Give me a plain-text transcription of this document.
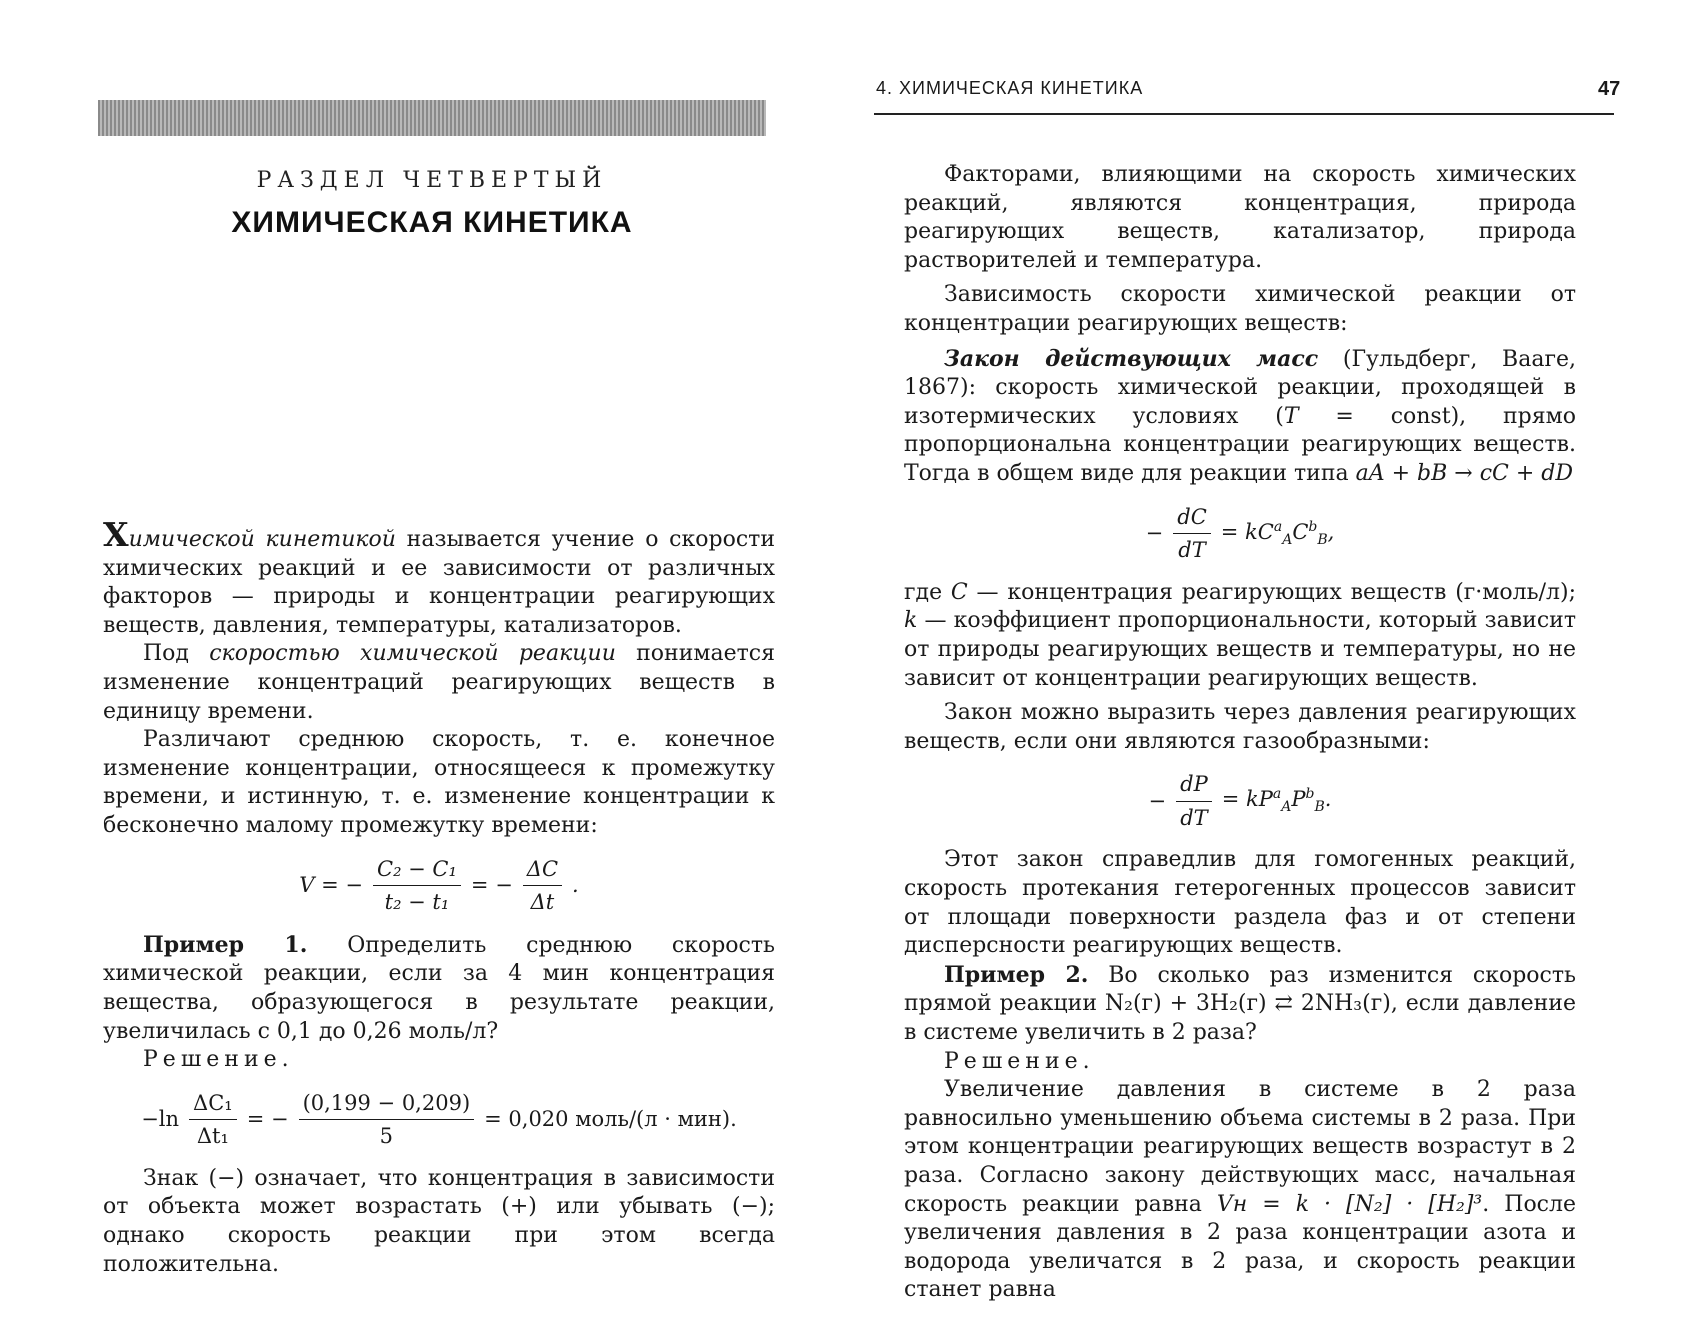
РАЗДЕЛ ЧЕТВЕРТЫЙ
ХИМИЧЕСКАЯ КИНЕТИКА

Химической кинетикой называется учение о скорости химических реакций и ее зависимости от различных факторов — природы и концентрации реагирующих веществ, давления, температуры, катализаторов.

Под скоростью химической реакции понимается изменение концентраций реагирующих веществ в единицу времени.

Различают среднюю скорость, т. е. конечное изменение концентрации, относящееся к промежутку времени, и истинную, т. е. изменение концентрации к бесконечно малому промежутку времени:

V = − $\frac{\text{C₂ − C₁}}{\text{t₂ − t₁}}$ = − $\frac{\Delta C}{\Delta t}$ .

Пример 1. Определить среднюю скорость химической реакции, если за 4 мин концентрация вещества, образующегося в результате реакции, увеличилась с 0,1 до 0,26 моль/л?

Решение.

$-\ln \frac{\text{ΔC₁}}{\text{Δt₁}}$ = − $\frac{(0,199 - 0,209)}{5} = 0,020$ моль/(л · мин).

Знак (−) означает, что концентрация в зависимости от объекта может возрастать (+) или убывать (−); однако скорость реакции при этом всегда положительна.

4. ХИМИЧЕСКАЯ КИНЕТИКА	47

Факторами, влияющими на скорость химических реакций, являются концентрация, природа реагирующих веществ, катализатор, природа растворителей и температура.

Зависимость скорости химической реакции от концентрации реагирующих веществ:

Закон действующих масс (Гульдберг, Вааге, 1867): скорость химической реакции, проходящей в изотермических условиях (T = const), прямо пропорциональна концентрации реагирующих веществ. Тогда в общем виде для реакции типа aA + bB → cC + dD

− $\frac{dC}{dT} = kC^a_AC^b_B$,

где C — концентрация реагирующих веществ (г·моль/л); k — коэффициент пропорциональности, который зависит от природы реагирующих веществ и температуры, но не зависит от концентрации реагирующих веществ.

Закон можно выразить через давления реагирующих веществ, если они являются газообразными:

− $\frac{dP}{dT} = kP^a_AP^b_B$.

Этот закон справедлив для гомогенных реакций, скорость протекания гетерогенных процессов зависит от площади поверхности раздела фаз и от степени дисперсности реагирующих веществ.

Пример 2. Во сколько раз изменится скорость прямой реакции N₂(г) + 3H₂(г) ⇄ 2NH₃(г), если давление в системе увеличить в 2 раза?

Решение.

Увеличение давления в системе в 2 раза равносильно уменьшению объема системы в 2 раза. При этом концентрации реагирующих веществ возрастут в 2 раза. Согласно закону действующих масс, начальная скорость реакции равна Vн = k · [N₂] · [H₂]³. После увеличения давления в 2 раза концентрации азота и водорода увеличатся в 2 раза, и скорость реакции станет равна
